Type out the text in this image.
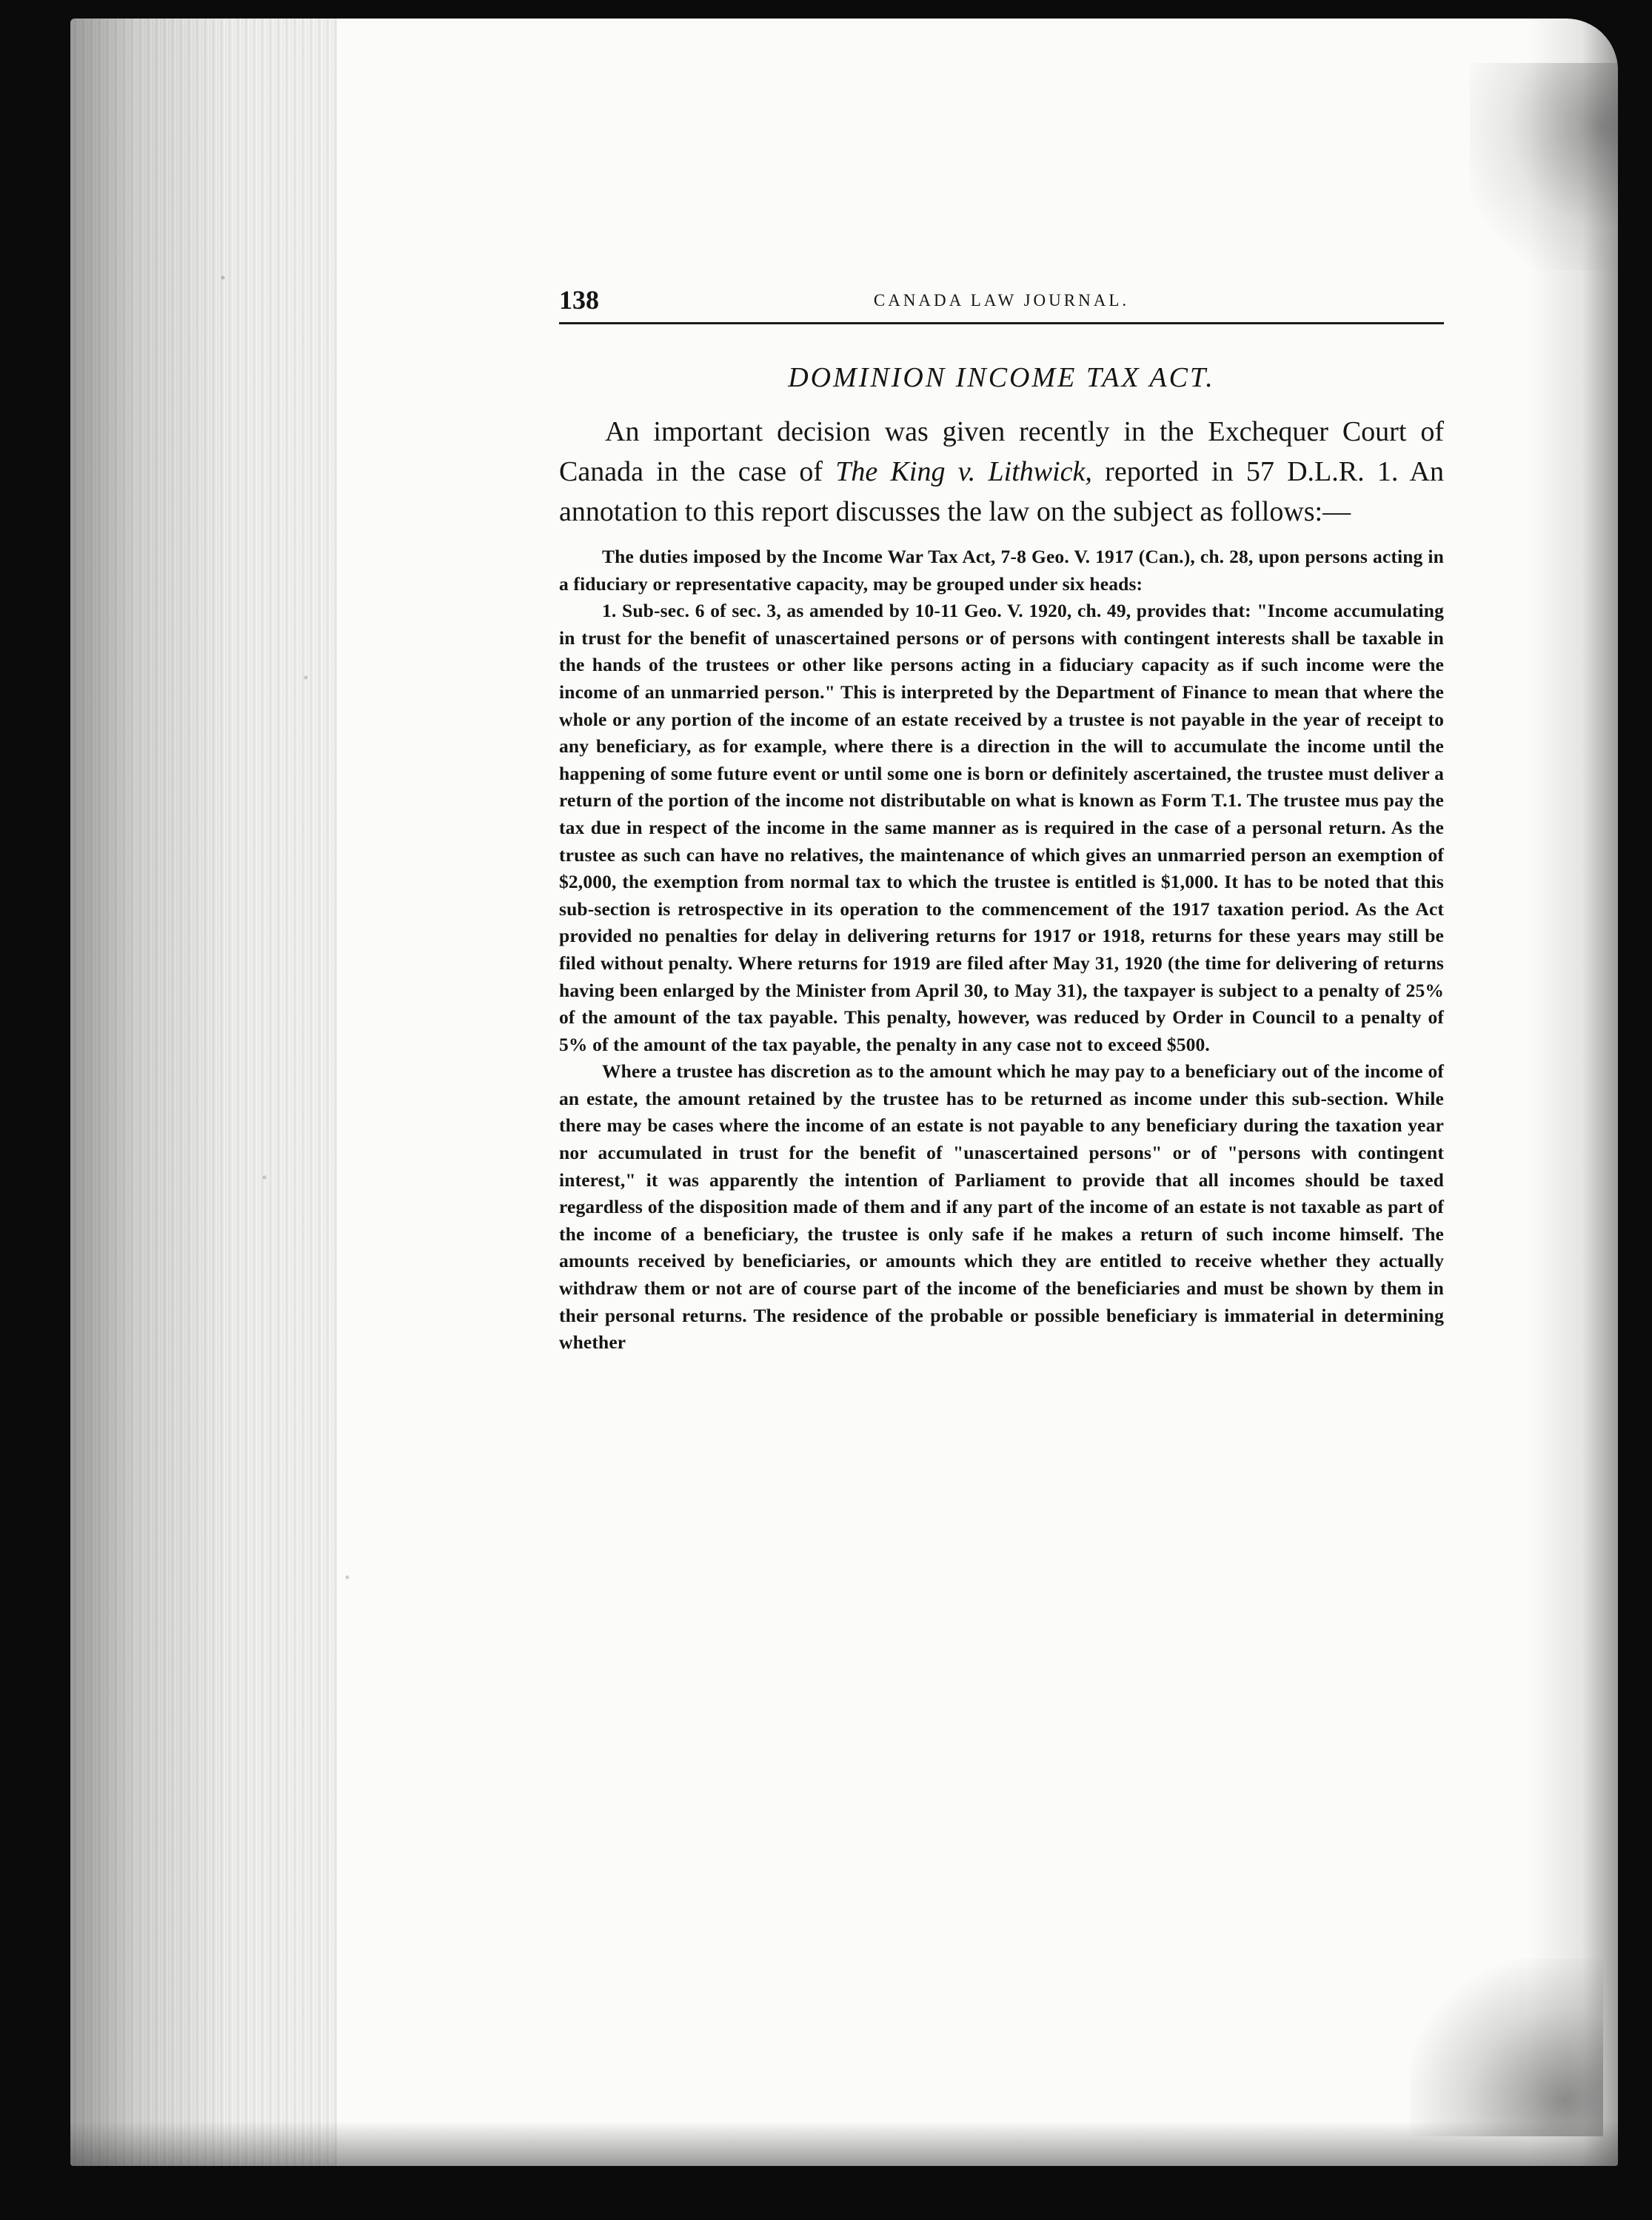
138	CANADA LAW JOURNAL.
DOMINION INCOME TAX ACT.

An important decision was given recently in the Exchequer Court of Canada in the case of The King v. Lithwick, reported in 57 D.L.R. 1. An annotation to this report discusses the law on the subject as follows:—

The duties imposed by the Income War Tax Act, 7-8 Geo. V. 1917 (Can.), ch. 28, upon persons acting in a fiduciary or representative capacity, may be grouped under six heads:

1. Sub-sec. 6 of sec. 3, as amended by 10-11 Geo. V. 1920, ch. 49, provides that: "Income accumulating in trust for the benefit of unascertained persons or of persons with contingent interests shall be taxable in the hands of the trustees or other like persons acting in a fiduciary capacity as if such income were the income of an unmarried person." This is interpreted by the Department of Finance to mean that where the whole or any portion of the income of an estate received by a trustee is not payable in the year of receipt to any beneficiary, as for example, where there is a direction in the will to accumulate the income until the happening of some future event or until some one is born or definitely ascertained, the trustee must deliver a return of the portion of the income not distributable on what is known as Form T.1. The trustee mus pay the tax due in respect of the income in the same manner as is required in the case of a personal return. As the trustee as such can have no relatives, the maintenance of which gives an unmarried person an exemption of $2,000, the exemption from normal tax to which the trustee is entitled is $1,000. It has to be noted that this sub-section is retrospective in its operation to the commencement of the 1917 taxation period. As the Act provided no penalties for delay in delivering returns for 1917 or 1918, returns for these years may still be filed without penalty. Where returns for 1919 are filed after May 31, 1920 (the time for delivering of returns having been enlarged by the Minister from April 30, to May 31), the taxpayer is subject to a penalty of 25% of the amount of the tax payable. This penalty, however, was reduced by Order in Council to a penalty of 5% of the amount of the tax payable, the penalty in any case not to exceed $500.

Where a trustee has discretion as to the amount which he may pay to a beneficiary out of the income of an estate, the amount retained by the trustee has to be returned as income under this sub-section. While there may be cases where the income of an estate is not payable to any beneficiary during the taxation year nor accumulated in trust for the benefit of "unascertained persons" or of "persons with contingent interest," it was apparently the intention of Parliament to provide that all incomes should be taxed regardless of the disposition made of them and if any part of the income of an estate is not taxable as part of the income of a beneficiary, the trustee is only safe if he makes a return of such income himself. The amounts received by beneficiaries, or amounts which they are entitled to receive whether they actually withdraw them or not are of course part of the income of the beneficiaries and must be shown by them in their personal returns. The residence of the probable or possible beneficiary is immaterial in determining whether
